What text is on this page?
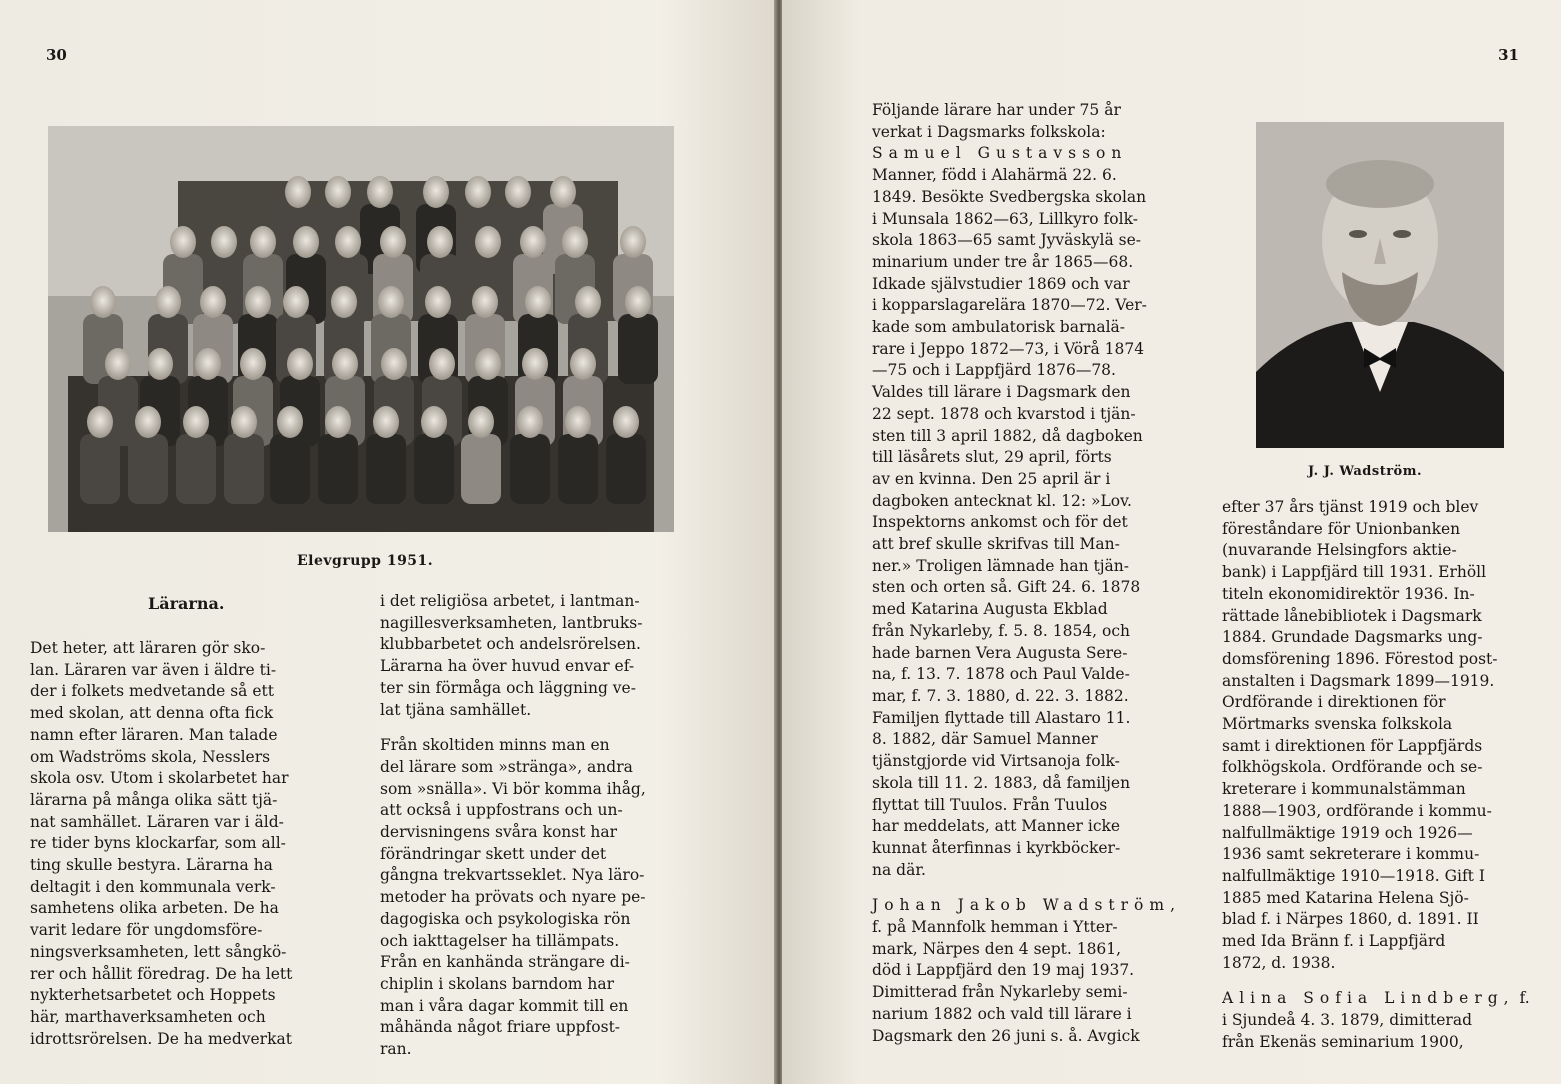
30
Elevgrupp 1951.
Lärarna.

Det heter, att läraren gör sko-

lan. Läraren var även i äldre ti-

der i folkets medvetande så ett

med skolan, att denna ofta fick

namn efter läraren. Man talade

om Wadströms skola, Nesslers

skola osv. Utom i skolarbetet har

lärarna på många olika sätt tjä-

nat samhället. Läraren var i äld-

re tider byns klockarfar, som all-

ting skulle bestyra. Lärarna ha

deltagit i den kommunala verk-

samhetens olika arbeten. De ha

varit ledare för ungdomsföre-

ningsverksamheten, lett sångkö-

rer och hållit föredrag. De ha lett

nykterhetsarbetet och Hoppets

här, marthaverksamheten och

idrottsrörelsen. De ha medverkat

i det religiösa arbetet, i lantman-

nagillesverksamheten, lantbruks-

klubbarbetet och andelsrörelsen.

Lärarna ha över huvud envar ef-

ter sin förmåga och läggning ve-

lat tjäna samhället.

Från skoltiden minns man en

del lärare som »stränga», andra

som »snälla». Vi bör komma ihåg,

att också i uppfostrans och un-

dervisningens svåra konst har

förändringar skett under det

gångna trekvartsseklet. Nya läro-

metoder ha prövats och nyare pe-

dagogiska och psykologiska rön

och iakttagelser ha tillämpats.

Från en kanhända strängare di-

chiplin i skolans barndom har

man i våra dagar kommit till en

måhända något friare uppfost-

ran.

31
J. J. Wadström.

Följande lärare har under 75 år

verkat i Dagsmarks folkskola:

Samuel Gustavsson

Manner, född i Alahärmä 22. 6.

1849. Besökte Svedbergska skolan

i Munsala 1862—63, Lillkyro folk-

skola 1863—65 samt Jyväskylä se-

minarium under tre år 1865—68.

Idkade självstudier 1869 och var

i kopparslagarelära 1870—72. Ver-

kade som ambulatorisk barnalä-

rare i Jeppo 1872—73, i Vörå 1874

—75 och i Lappfjärd 1876—78.

Valdes till lärare i Dagsmark den

22 sept. 1878 och kvarstod i tjän-

sten till 3 april 1882, då dagboken

till läsårets slut, 29 april, förts

av en kvinna. Den 25 april är i

dagboken antecknat kl. 12: »Lov.

Inspektorns ankomst och för det

att bref skulle skrifvas till Man-

ner.» Troligen lämnade han tjän-

sten och orten så. Gift 24. 6. 1878

med Katarina Augusta Ekblad

från Nykarleby, f. 5. 8. 1854, och

hade barnen Vera Augusta Sere-

na, f. 13. 7. 1878 och Paul Valde-

mar, f. 7. 3. 1880, d. 22. 3. 1882.

Familjen flyttade till Alastaro 11.

8. 1882, där Samuel Manner

tjänstgjorde vid Virtsanoja folk-

skola till 11. 2. 1883, då familjen

flyttat till Tuulos. Från Tuulos

har meddelats, att Manner icke

kunnat återfinnas i kyrkböcker-

na där.

Johan Jakob Wadström,

f. på Mannfolk hemman i Ytter-

mark, Närpes den 4 sept. 1861,

död i Lappfjärd den 19 maj 1937.

Dimitterad från Nykarleby semi-

narium 1882 och vald till lärare i

Dagsmark den 26 juni s. å. Avgick

efter 37 års tjänst 1919 och blev

föreståndare för Unionbanken

(nuvarande Helsingfors aktie-

bank) i Lappfjärd till 1931. Erhöll

titeln ekonomidirektör 1936. In-

rättade lånebibliotek i Dagsmark

1884. Grundade Dagsmarks ung-

domsförening 1896. Förestod post-

anstalten i Dagsmark 1899—1919.

Ordförande i direktionen för

Mörtmarks svenska folkskola

samt i direktionen för Lappfjärds

folkhögskola. Ordförande och se-

kreterare i kommunalstämman

1888—1903, ordförande i kommu-

nalfullmäktige 1919 och 1926—

1936 samt sekreterare i kommu-

nalfullmäktige 1910—1918. Gift I

1885 med Katarina Helena Sjö-

blad f. i Närpes 1860, d. 1891. II

med Ida Bränn f. i Lappfjärd

1872, d. 1938.

Alina Sofia Lindberg, f.

i Sjundeå 4. 3. 1879, dimitterad

från Ekenäs seminarium 1900,
